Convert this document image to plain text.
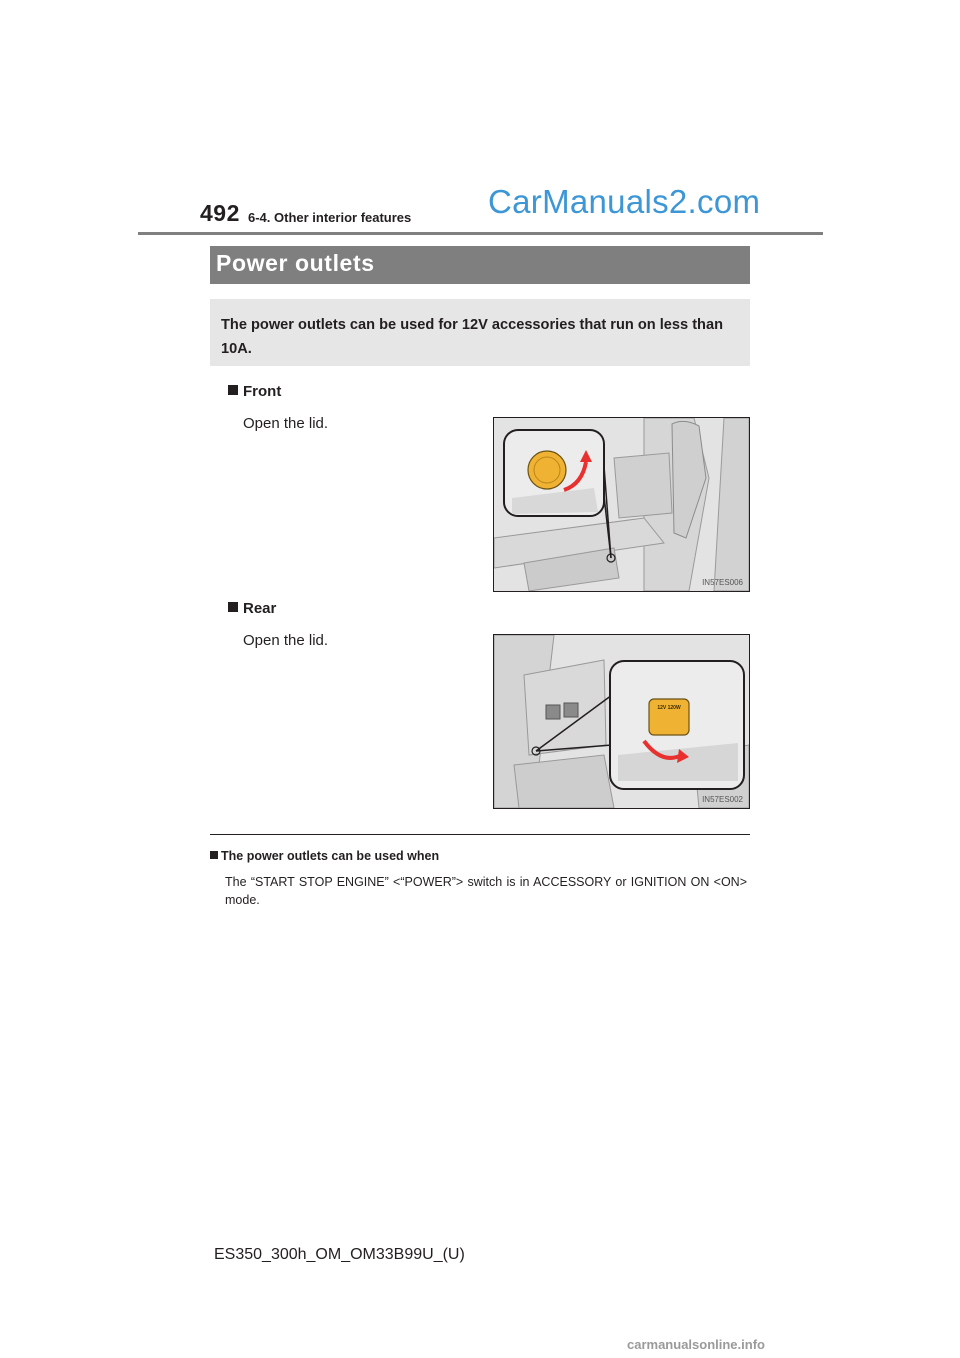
492 6-4. Other interior features CarManuals2.com
Power outlets
The power outlets can be used for 12V accessories that run on less than 10A.
Front
Open the lid.
IN57ES006
Rear
Open the lid.
12V 120W
IN57ES002
The power outlets can be used when
The “START STOP ENGINE” <“POWER”> switch is in ACCESSORY or IGNITION ON <ON> mode.
ES350_300h_OM_OM33B99U_(U)
carmanualsonline.info
